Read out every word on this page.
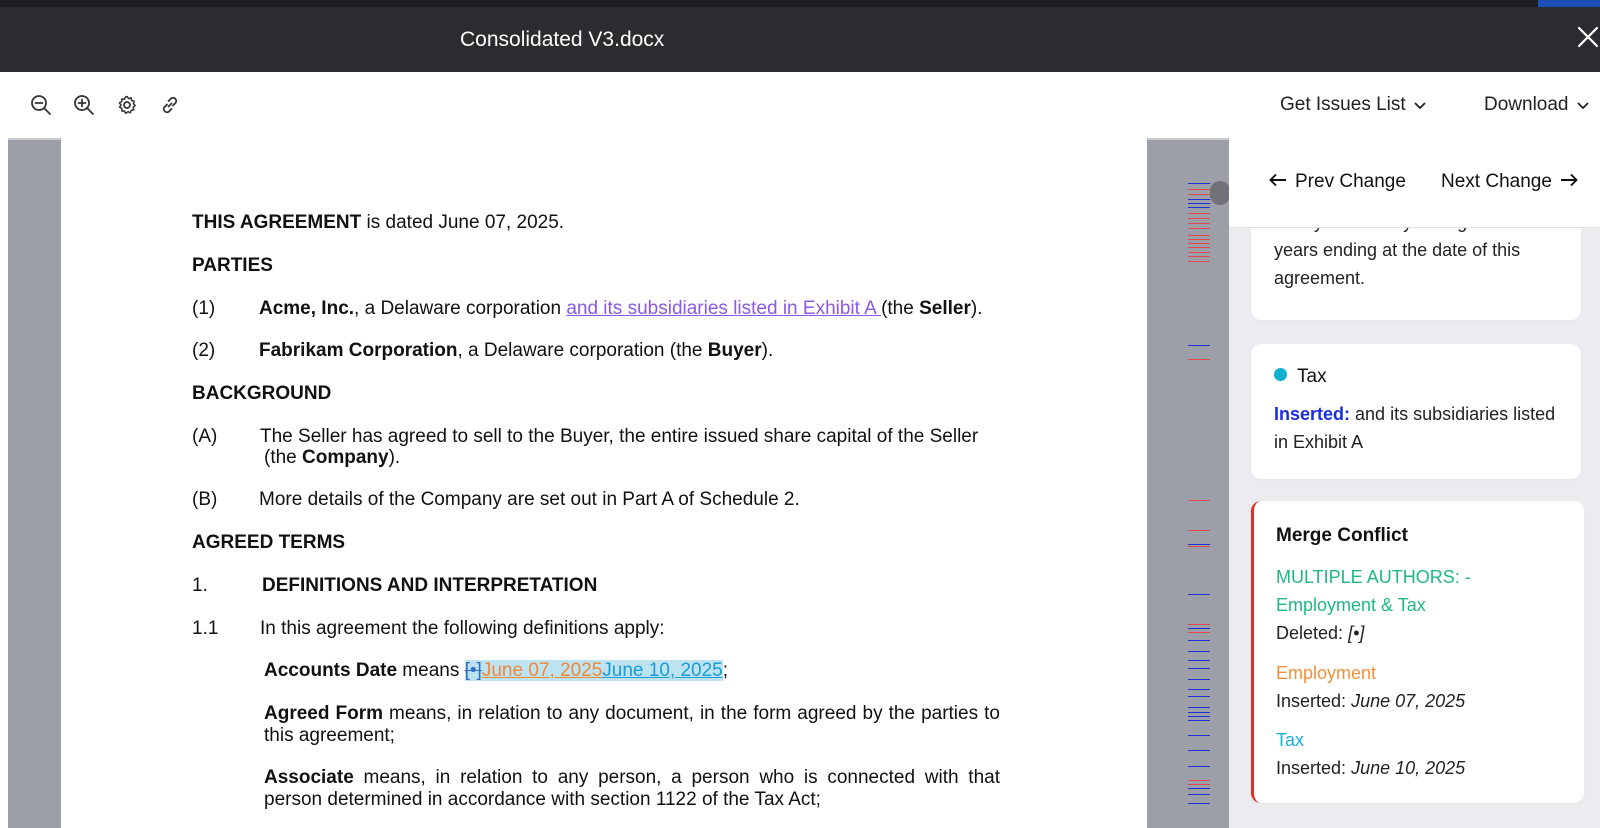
Consolidated V3.docx
Get Issues List	Download
THIS AGREEMENT is dated June 07, 2025.
PARTIES
(1) Acme, Inc., a Delaware corporation and its subsidiaries listed in Exhibit A (the Seller).
(2) Fabrikam Corporation, a Delaware corporation (the Buyer).
BACKGROUND
(A) The Seller has agreed to sell to the Buyer, the entire issued share capital of the Seller
(the Company).
(B) More details of the Company are set out in Part A of Schedule 2.
AGREED TERMS
1.	DEFINITIONS AND INTERPRETATION
1.1 In this agreement the following definitions apply:
Accounts Date means [•]June 07, 2025June 10, 2025;
Agreed Form means, in relation to any document, in the form agreed by the parties to this agreement;
Associate means, in relation to any person, a person who is connected with that person determined in accordance with section 1122 of the Tax Act;
years ending at the date of this agreement.
Prev Change Next Change
Tax
Inserted: and its subsidiaries listed in Exhibit A
Merge Conflict
MULTIPLE AUTHORS: - Employment & Tax
Deleted: [•]
Employment
Inserted: June 07, 2025
Tax
Inserted: June 10, 2025
